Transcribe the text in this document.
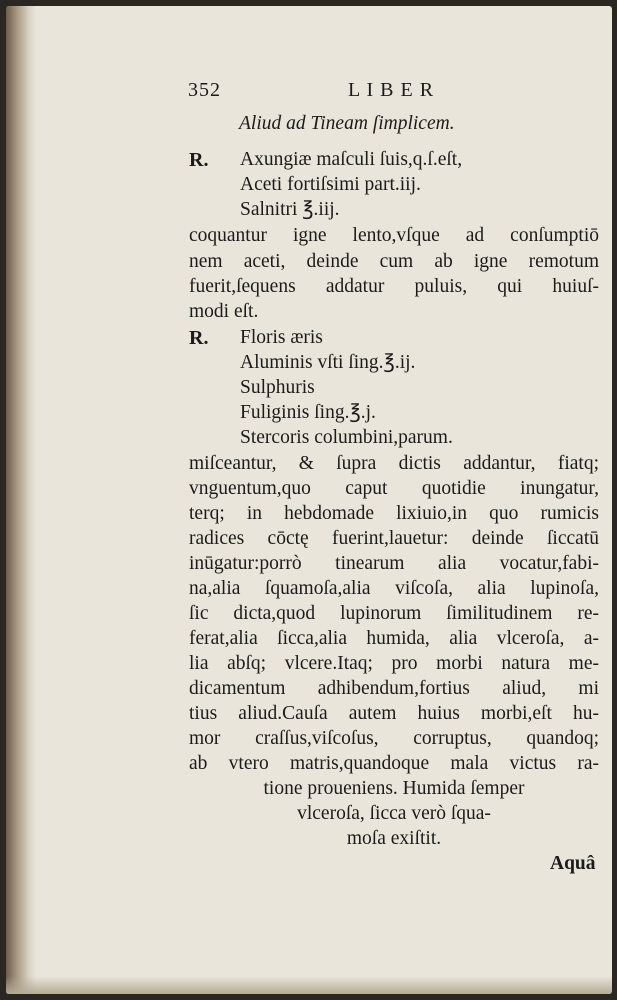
352	L I B E R
Aliud ad Tineam ſimplicem.
R. Axungiæ maſculi ſuis,q.ſ.eſt,
Aceti fortiſsimi part.iij.
Salnitri ℥.iij.
coquantur igne lento,vſque ad conſumptiō
nem aceti, deinde cum ab igne remotum
fuerit,ſequens addatur puluis, qui huiuſ-
modi eſt.
R. Floris æris
Aluminis vſti ſing.℥.ij.
Sulphuris
Fuliginis ſing.℥.j.
Stercoris columbini,parum.
miſceantur, & ſupra dictis addantur, fiatq;
vnguentum,quo caput quotidie inungatur,
terq; in hebdomade lixiuio,in quo rumicis
radices cōctę fuerint,lauetur: deinde ſiccatū
inūgatur:porrò tinearum alia vocatur,fabi-
na,alia ſquamoſa,alia viſcoſa, alia lupinoſa,
ſic dicta,quod lupinorum ſimilitudinem re-
ferat,alia ſicca,alia humida, alia vlceroſa, a-
lia abſq; vlcere.Itaq; pro morbi natura me-
dicamentum adhibendum,fortius aliud, mi
tius aliud.Cauſa autem huius morbi,eſt hu-
mor craſſus,viſcoſus, corruptus, quandoq;
ab vtero matris,quandoque mala victus ra-
tione proueniens. Humida ſemper
vlceroſa, ſicca verò ſqua-
moſa exiſtit.
Aquâ
